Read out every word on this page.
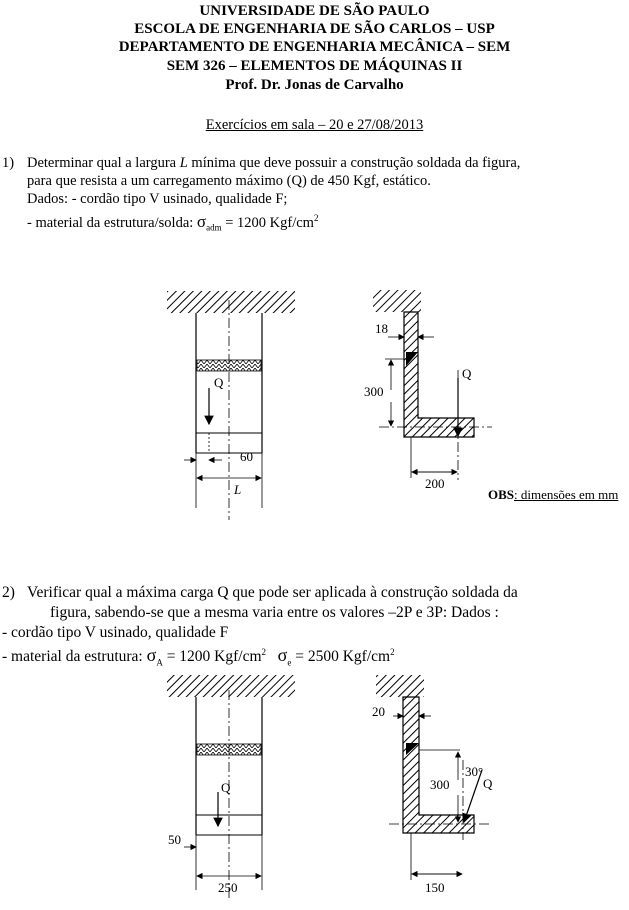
UNIVERSIDADE DE SÃO PAULO
ESCOLA DE ENGENHARIA DE SÃO CARLOS – USP
DEPARTAMENTO DE ENGENHARIA MECÂNICA – SEM
SEM 326 – ELEMENTOS DE MÁQUINAS II
Prof. Dr. Jonas de Carvalho
Exercícios em sala – 20 e 27/08/2013
1) Determinar qual a largura L mínima que deve possuir a construção soldada da figura,
para que resista a um carregamento máximo (Q) de 450 Kgf, estático.
Dados: - cordão tipo V usinado, qualidade F;
- material da estrutura/solda: $\sigma_{adm} = 1200$ Kgf/$cm^2$
2) Verificar qual a máxima carga Q que pode ser aplicada à construção soldada da
figura, sabendo-se que a mesma varia entre os valores –2P e 3P: Dados :
- cordão tipo V usinado, qualidade F
- material da estrutura: $\sigma_A = 1200$ Kgf/$cm^2$ $\sigma_e = 2500$ Kgf/$cm^2$
Q
60
L
18
300
Q
200
OBS: dimensões em mm
Q
50
250
20
300
30°
Q
150
